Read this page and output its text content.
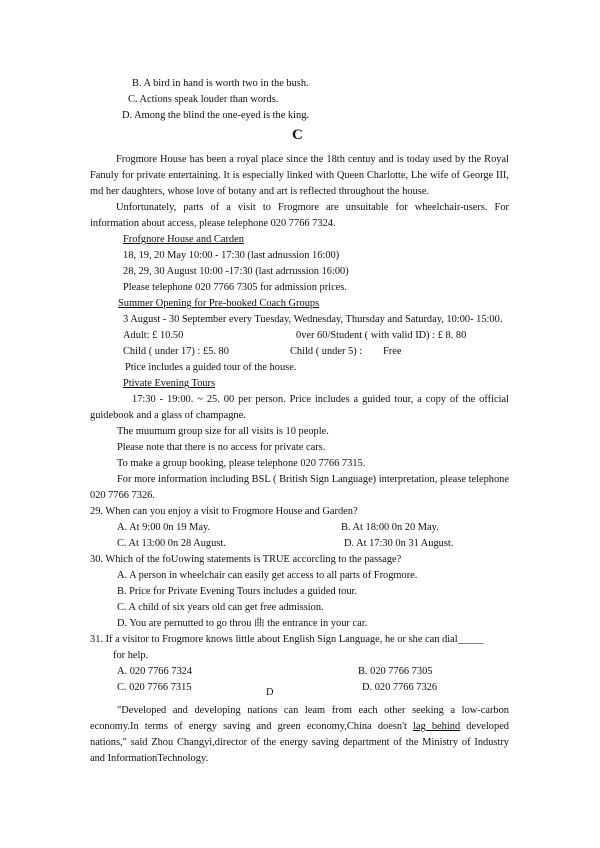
B. A bird in hand is worth two in the bush.
C. Actions speak louder than words.
D. Among the blind the one-eyed is the king.
C
Frogmore House has been a royal place since the 18th centuy and is today used by the Royal Fanuly for private entertaining. It is especially linked with Queen Charlotte, Lhe wife of George III, md her daughters, whose love of botany and art is reflected throughout the house.
Unfortunately, parts of a visit to Frogmore are unsuitable for wheelchair-users. For information about access, please telephone 020 7766 7324.
Frofgnore House and Carden
18, 19, 20 May 10:00 - 17:30 (last adnussion 16:00)
28, 29, 30 August 10:00 -17:30 (last adrrussion 16:00)
Please telephone 020 7766 7305 for admission prices.
Summer Opening for Pre-booked Coach Groups
3 August - 30 September every Tuesday, Wednesday, Thursday and Saturday, 10:00- 15:00.
Adult: £ 10.50	0ver 60/Student ( with valid ID) : £ 8. 80
Child ( under 17) : £5. 80	Child ( under 5) : Free
Ptice includes a guided tour of the house.
Ptivate Evening Tours
17:30 - 19:00. ~ 25. 00 per person. Price includes a guided tour, a copy of the official guidebook and a glass of champagne.
The muumum group size for all visits is 10 people.
Please note that there is no access for private cars.
To make a group booking, please telephone 020 7766 7315.
For more information including BSL ( British Sign Language) interpretation, please telephone 020 7766 7326.
29. When can you enjoy a visit to Frogmore House and Garden?
A. At 9:00 0n 19 May.	B. At 18:00 0n 20 May.
C. At 13:00 0n 28 August.	D. At 17:30 0n 31 August.
30. Which of the foUowing statements is TRUE accorcling to the passage?
A. A person in wheelchair can easily get access to all parts of Frogmore.
B. Price for Private Evening Tours includes a guided tour.
C. A child of six years old can get free admission.
D. You are pernutted to go throu 曲 the entrance in your car.
31. If a visitor to Frogmore knows little about English Sign Language, he or she can dial_____
for help.
A. 020 7766 7324	B. 020 7766 7305
C. 020 7766 7315	D. 020 7766 7326
D
"Developed and developing nations can leam from each other seeking a low-carbon economy.In terms of energy saving and green economy,China doesn't lag behind developed nations," said Zhou Changyi,director of the energy saving department of the Ministry of Industry and InformationTechnology.
